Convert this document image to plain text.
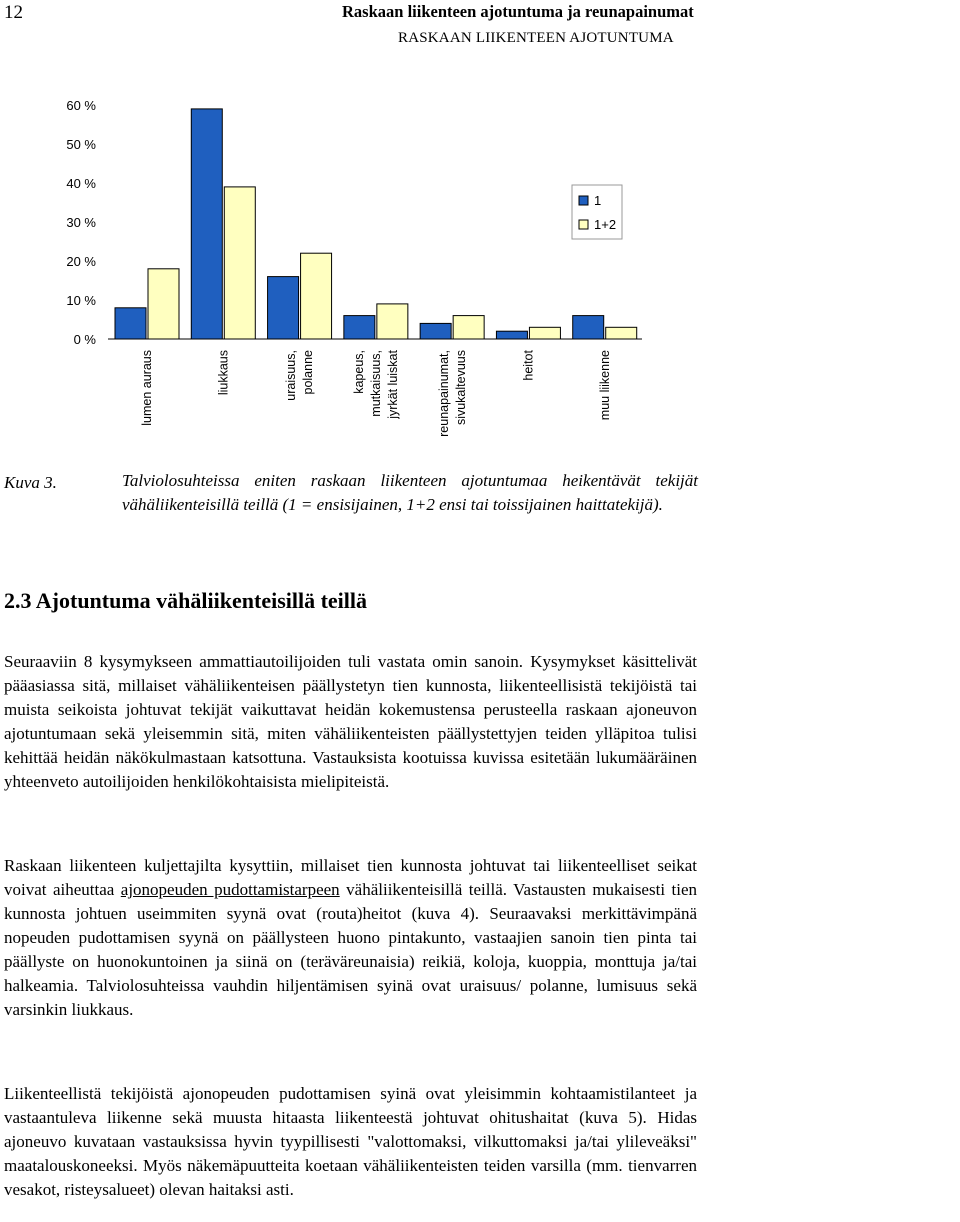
12	Raskaan liikenteen ajotuntuma ja reunapainumat
RASKAAN LIIKENTEEN AJOTUNTUMA
0 %
10 %
20 %
30 %
40 %
50 %
60 %
lumen auraus	liukkaus	uraisuus, polanne	kapeus, mutkaisuus, jyrkät luiskat	reunapainumat, sivukaltevuus	heitot	muu liikenne
1
1+2
Kuva 3.	Talviolosuhteissa eniten raskaan liikenteen ajotuntumaa heikentävät tekijät vähäliikenteisillä teillä (1 = ensisijainen, 1+2 ensi tai toissijainen haittatekijä).
2.3 Ajotuntuma vähäliikenteisillä teillä

Seuraaviin 8 kysymykseen ammattiautoilijoiden tuli vastata omin sanoin. Kysymykset käsittelivät pääasiassa sitä, millaiset vähäliikenteisen päällystetyn tien kunnosta, liikenteellisistä tekijöistä tai muista seikoista johtuvat tekijät vaikuttavat heidän kokemustensa perusteella raskaan ajoneuvon ajotuntumaan sekä yleisemmin sitä, miten vähäliikenteisten päällystettyjen teiden ylläpitoa tulisi kehittää heidän näkökulmastaan katsottuna. Vastauksista kootuissa kuvissa esitetään lukumääräinen yhteenveto autoilijoiden henkilökohtaisista mielipiteistä.

Raskaan liikenteen kuljettajilta kysyttiin, millaiset tien kunnosta johtuvat tai liikenteelliset seikat voivat aiheuttaa ajonopeuden pudottamistarpeen vähäliikenteisillä teillä. Vastausten mukaisesti tien kunnosta johtuen useimmiten syynä ovat (routa)heitot (kuva 4). Seuraavaksi merkittävimpänä nopeuden pudottamisen syynä on päällysteen huono pintakunto, vastaajien sanoin tien pinta tai päällyste on huonokuntoinen ja siinä on (teräväreunaisia) reikiä, koloja, kuoppia, monttuja ja/tai halkeamia. Talviolosuhteissa vauhdin hiljentämisen syinä ovat uraisuus/ polanne, lumisuus sekä varsinkin liukkaus.

Liikenteellistä tekijöistä ajonopeuden pudottamisen syinä ovat yleisimmin kohtaamistilanteet ja vastaantuleva liikenne sekä muusta hitaasta liikenteestä johtuvat ohitushaitat (kuva 5). Hidas ajoneuvo kuvataan vastauksissa hyvin tyypillisesti "valottomaksi, vilkuttomaksi ja/tai ylileveäksi" maatalouskoneeksi. Myös näkemäpuutteita koetaan vähäliikenteisten teiden varsilla (mm. tienvarren vesakot, risteysalueet) olevan haitaksi asti.
